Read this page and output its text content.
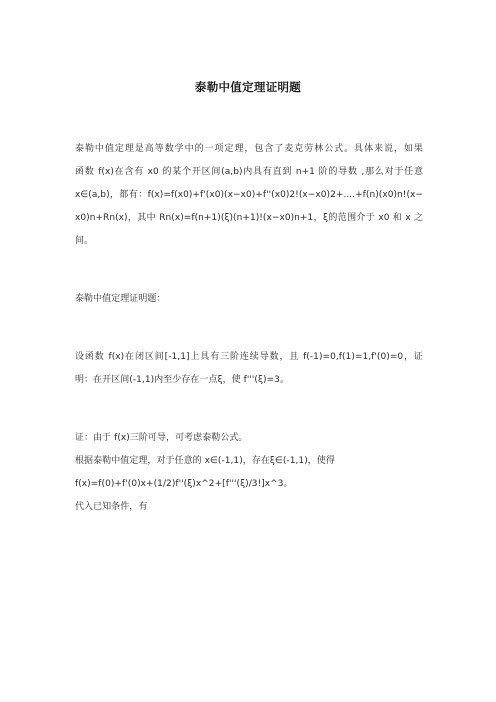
泰勒中值定理证明题
泰勒中值定理是高等数学中的一项定理，包含了麦克劳林公式。具体来说，如果
函数 f(x)在含有 x0 的某个开区间(a,b)内具有直到 n+1 阶的导数 ,那么对于任意
x∈(a,b)，都有：f(x)=f(x0)+f'(x0)(x−x0)+f''(x0)2!(x−x0)2+....+f(n)(x0)n!(x−
x0)n+Rn(x)，其中 Rn(x)=f(n+1)(ξ)(n+1)!(x−x0)n+1，ξ的范围介于 x0 和 x 之
间。
泰勒中值定理证明题：
设函数 f(x)在闭区间[-1,1]上具有三阶连续导数，且 f(-1)=0,f(1)=1,f'(0)=0，证
明：在开区间(-1,1)内至少存在一点ξ，使 f'''(ξ)=3。
证：由于 f(x)三阶可导，可考虑泰勒公式。
根据泰勒中值定理，对于任意的 x∈(-1,1)，存在ξ∈(-1,1)，使得
f(x)=f(0)+f'(0)x+(1/2)f''(ξ)x^2+[f'''(ξ)/3!]x^3。
代入已知条件，有
